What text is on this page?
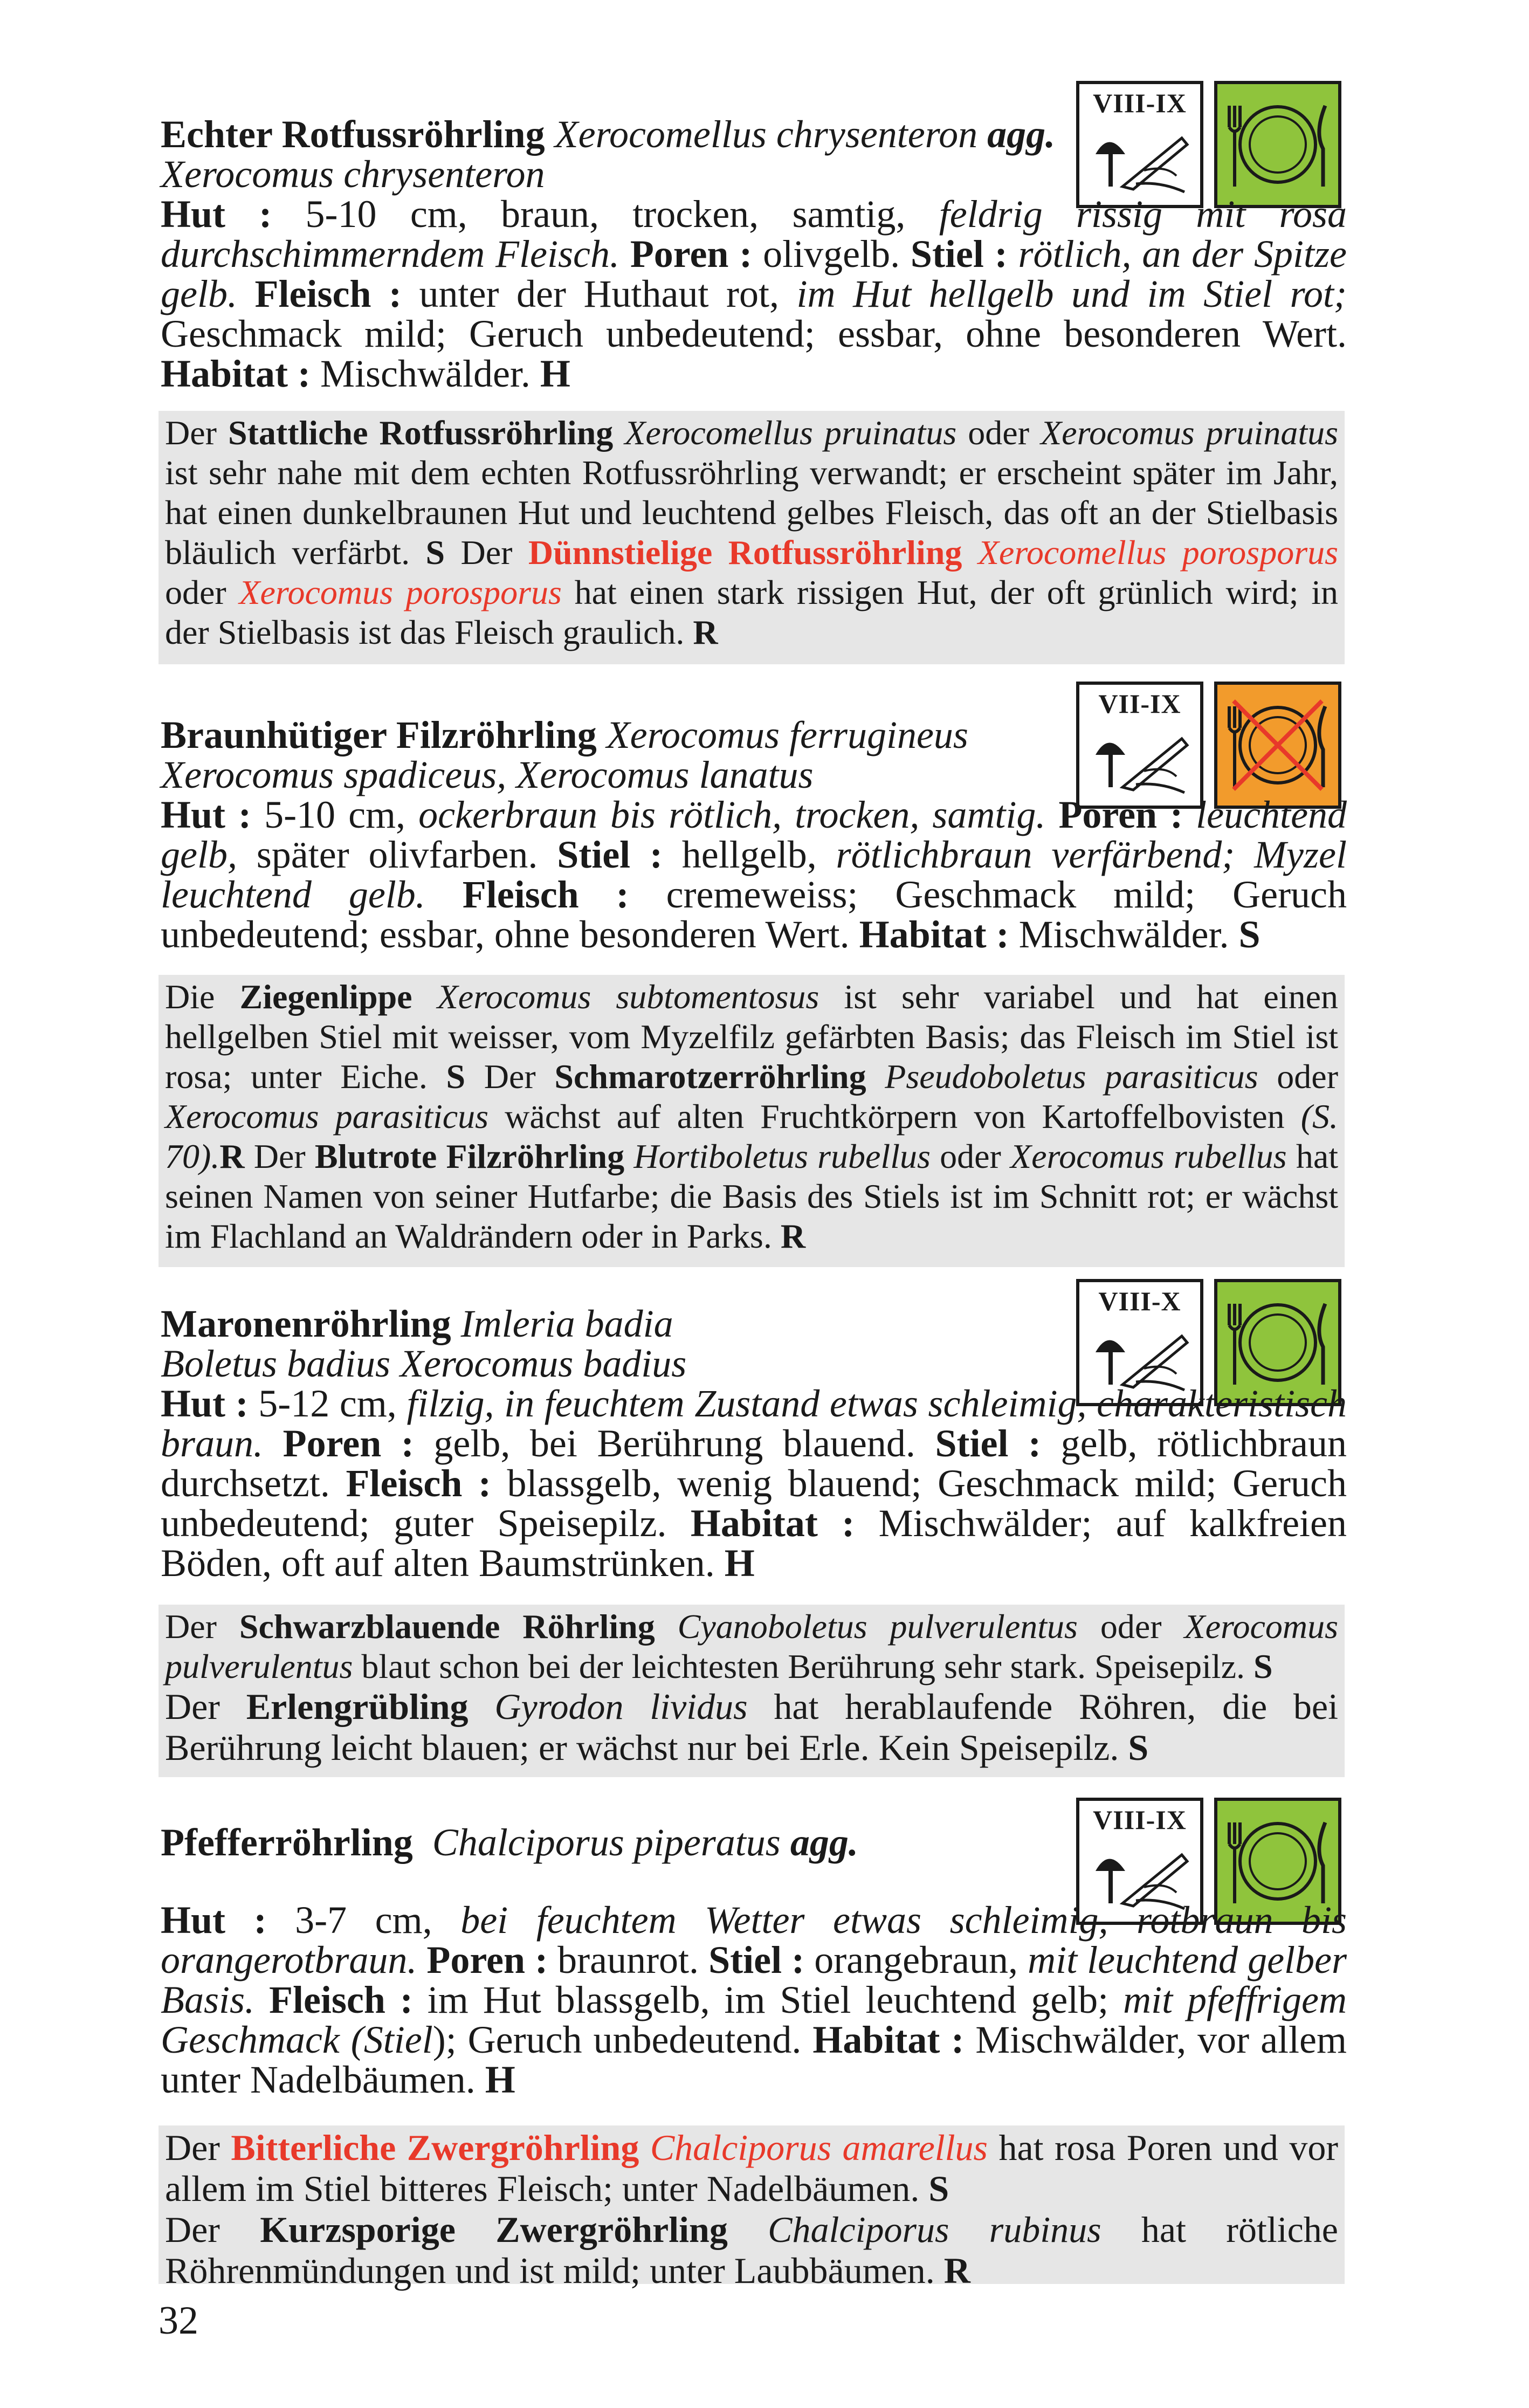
VIII-IX

Echter Rotfussröhrling Xerocomellus chrysenteron agg.

Xerocomus chrysenteron

Hut : 5-10 cm, braun, trocken, samtig, feldrig rissig mit rosa durchschimmerndem Fleisch. Poren : olivgelb. Stiel : rötlich, an der Spitze gelb. Fleisch : unter der Huthaut rot, im Hut hellgelb und im Stiel rot; Geschmack mild; Geruch unbedeutend; essbar, ohne besonderen Wert. Habitat : Mischwälder. H

Der Stattliche Rotfussröhrling Xerocomellus pruinatus oder Xerocomus pruinatus ist sehr nahe mit dem echten Rotfussröhrling verwandt; er erscheint später im Jahr, hat einen dunkelbraunen Hut und leuchtend gelbes Fleisch, das oft an der Stielbasis bläulich verfärbt. S Der Dünnstielige Rotfussröhrling Xerocomellus porosporus oder Xerocomus porosporus hat einen stark rissigen Hut, der oft grünlich wird; in der Stielbasis ist das Fleisch graulich. R
VII-IX

Braunhütiger Filzröhrling Xerocomus ferrugineus

Xerocomus spadiceus, Xerocomus lanatus

Hut : 5-10 cm, ockerbraun bis rötlich, trocken, samtig. Poren : leuchtend gelb, später olivfarben. Stiel : hellgelb, rötlichbraun verfärbend; Myzel leuchtend gelb. Fleisch : cremeweiss; Geschmack mild; Geruch unbedeutend; essbar, ohne besonderen Wert. Habitat : Mischwälder. S

Die Ziegenlippe Xerocomus subtomentosus ist sehr variabel und hat einen hellgelben Stiel mit weisser, vom Myzelfilz gefärbten Basis; das Fleisch im Stiel ist rosa; unter Eiche. S Der Schmarotzerröhrling Pseudoboletus parasiticus oder Xerocomus parasiticus wächst auf alten Fruchtkörpern von Kartoffelbovisten (S. 70).R Der Blutrote Filzröhrling Hortiboletus rubellus oder Xerocomus rubellus hat seinen Namen von seiner Hutfarbe; die Basis des Stiels ist im Schnitt rot; er wächst im Flachland an Waldrändern oder in Parks. R
VIII-X

Maronenröhrling Imleria badia

Boletus badius Xerocomus badius

Hut : 5-12 cm, filzig, in feuchtem Zustand etwas schleimig, charakteristisch braun. Poren : gelb, bei Berührung blauend. Stiel : gelb, rötlichbraun durchsetzt. Fleisch : blassgelb, wenig blauend; Geschmack mild; Geruch unbedeutend; guter Speisepilz. Habitat : Mischwälder; auf kalkfreien Böden, oft auf alten Baumstrünken. H

Der Schwarzblauende Röhrling Cyanoboletus pulverulentus oder Xerocomus pulverulentus blaut schon bei der leichtesten Berührung sehr stark. Speisepilz. S
Der Erlengrübling Gyrodon lividus hat herablaufende Röhren, die bei Berührung leicht blauen; er wächst nur bei Erle. Kein Speisepilz. S
VIII-IX

Pfefferröhrling Chalciporus piperatus agg.

Hut : 3-7 cm, bei feuchtem Wetter etwas schleimig, rotbraun bis orangerotbraun. Poren : braunrot. Stiel : orangebraun, mit leuchtend gelber Basis. Fleisch : im Hut blassgelb, im Stiel leuchtend gelb; mit pfeffrigem Geschmack (Stiel); Geruch unbedeutend. Habitat : Mischwälder, vor allem unter Nadelbäumen. H

Der Bitterliche Zwergröhrling Chalciporus amarellus hat rosa Poren und vor allem im Stiel bitteres Fleisch; unter Nadelbäumen. S
Der Kurzsporige Zwergröhrling Chalciporus rubinus hat rötliche Röhrenmündungen und ist mild; unter Laubbäumen. R
32
